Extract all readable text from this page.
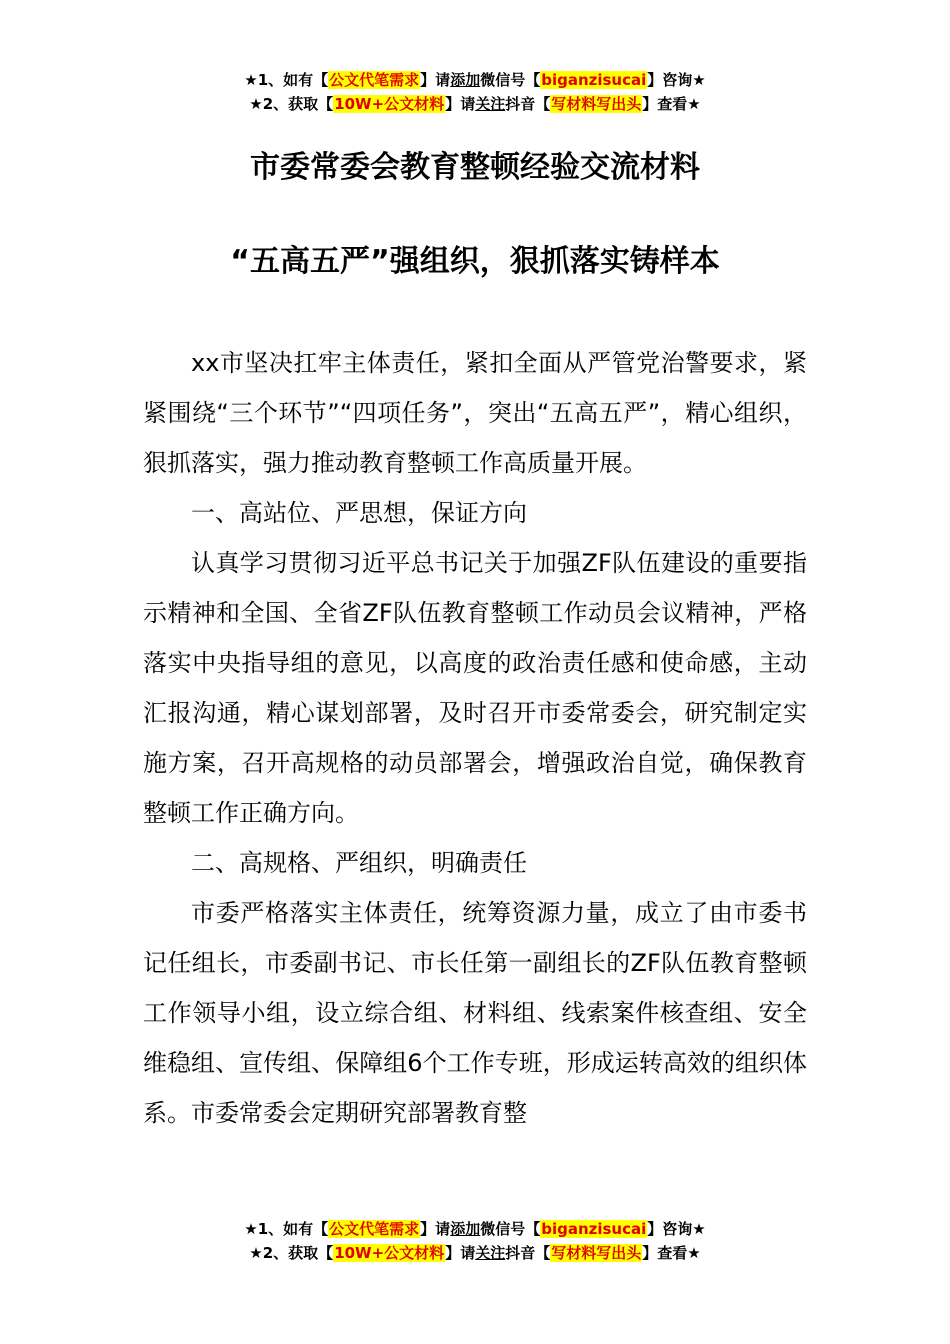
★1、如有【公文代笔需求】请添加微信号【biganzisucai】咨询★
★2、获取【10W+公文材料】请关注抖音【写材料写出头】查看★
市委常委会教育整顿经验交流材料
“五高五严”强组织，狠抓落实铸样本

xx市坚决扛牢主体责任，紧扣全面从严管党治警要求，紧紧围绕“三个环节”“四项任务”，突出“五高五严”，精心组织，狠抓落实，强力推动教育整顿工作高质量开展。

一、高站位、严思想，保证方向

认真学习贯彻习近平总书记关于加强ZF队伍建设的重要指示精神和全国、全省ZF队伍教育整顿工作动员会议精神，严格落实中央指导组的意见，以高度的政治责任感和使命感，主动汇报沟通，精心谋划部署，及时召开市委常委会，研究制定实施方案，召开高规格的动员部署会，增强政治自觉，确保教育整顿工作正确方向。

二、高规格、严组织，明确责任

市委严格落实主体责任，统筹资源力量，成立了由市委书记任组长，市委副书记、市长任第一副组长的ZF队伍教育整顿工作领导小组，设立综合组、材料组、线索案件核查组、安全维稳组、宣传组、保障组6个工作专班，形成运转高效的组织体系。市委常委会定期研究部署教育整

★1、如有【公文代笔需求】请添加微信号【biganzisucai】咨询★
★2、获取【10W+公文材料】请关注抖音【写材料写出头】查看★
